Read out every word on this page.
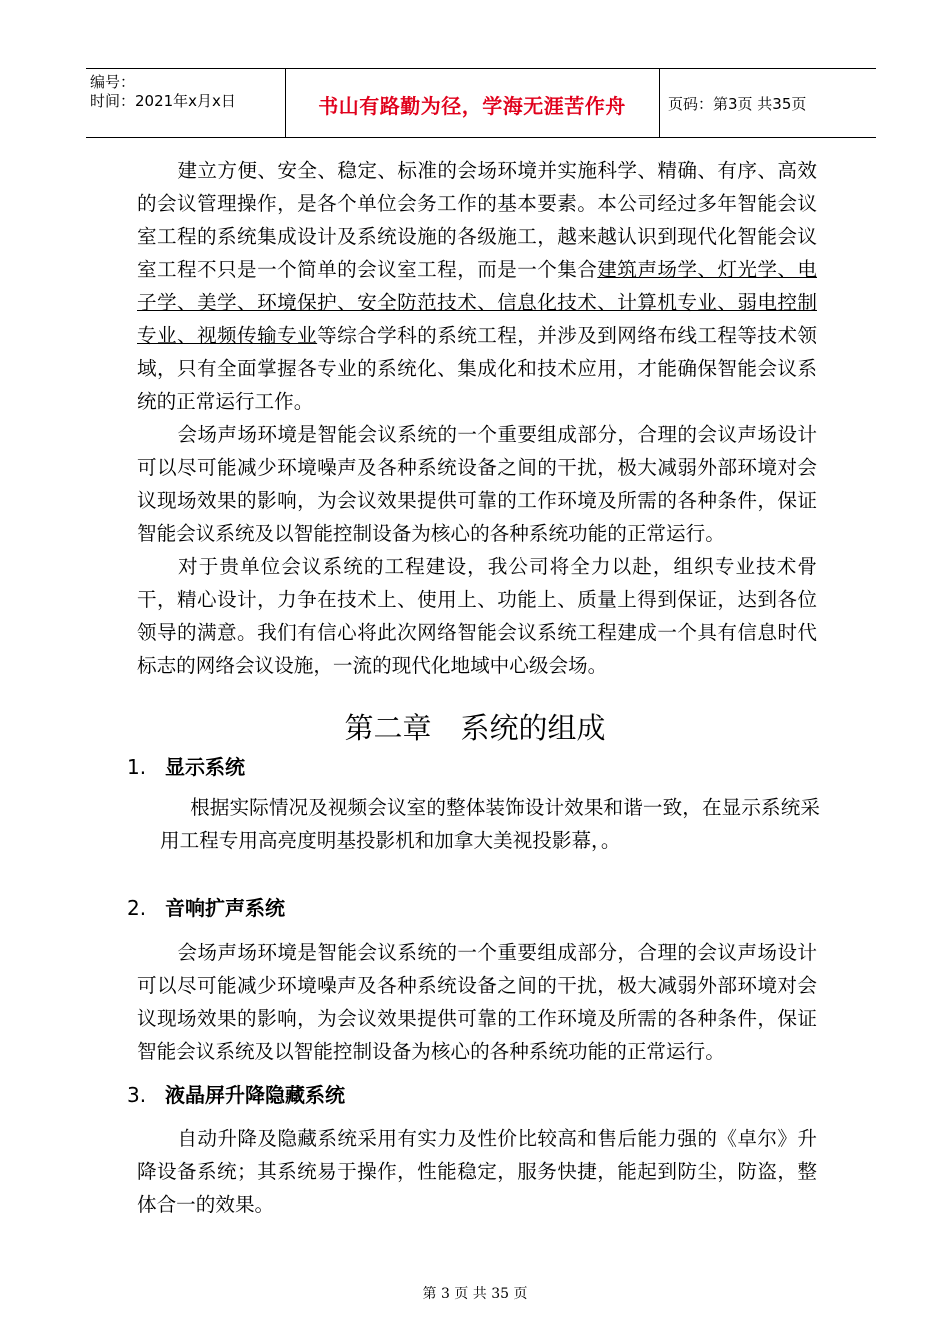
编号：
时间：2021年x月x日	书山有路勤为径，学海无涯苦作舟	页码：第3页 共35页
建立方便、安全、稳定、标准的会场环境并实施科学、精确、有序、高效的会议管理操作，是各个单位会务工作的基本要素。本公司经过多年智能会议室工程的系统集成设计及系统设施的各级施工，越来越认识到现代化智能会议室工程不只是一个简单的会议室工程，而是一个集合建筑声场学、灯光学、电子学、美学、环境保护、安全防范技术、信息化技术、计算机专业、弱电控制专业、视频传输专业等综合学科的系统工程，并涉及到网络布线工程等技术领域，只有全面掌握各专业的系统化、集成化和技术应用，才能确保智能会议系统的正常运行工作。
会场声场环境是智能会议系统的一个重要组成部分，合理的会议声场设计可以尽可能减少环境噪声及各种系统设备之间的干扰，极大减弱外部环境对会议现场效果的影响，为会议效果提供可靠的工作环境及所需的各种条件，保证智能会议系统及以智能控制设备为核心的各种系统功能的正常运行。
对于贵单位会议系统的工程建设，我公司将全力以赴，组织专业技术骨干，精心设计，力争在技术上、使用上、功能上、质量上得到保证，达到各位领导的满意。我们有信心将此次网络智能会议系统工程建成一个具有信息时代标志的网络会议设施，一流的现代化地域中心级会场。
第二章　系统的组成
1. 显示系统
根据实际情况及视频会议室的整体装饰设计效果和谐一致，在显示系统采用工程专用高亮度明基投影机和加拿大美视投影幕，。
2. 音响扩声系统
会场声场环境是智能会议系统的一个重要组成部分，合理的会议声场设计可以尽可能减少环境噪声及各种系统设备之间的干扰，极大减弱外部环境对会议现场效果的影响，为会议效果提供可靠的工作环境及所需的各种条件，保证智能会议系统及以智能控制设备为核心的各种系统功能的正常运行。
3. 液晶屏升降隐藏系统
自动升降及隐藏系统采用有实力及性价比较高和售后能力强的《卓尔》升降设备系统；其系统易于操作，性能稳定，服务快捷，能起到防尘，防盗，整体合一的效果。
第 3 页 共 35 页
